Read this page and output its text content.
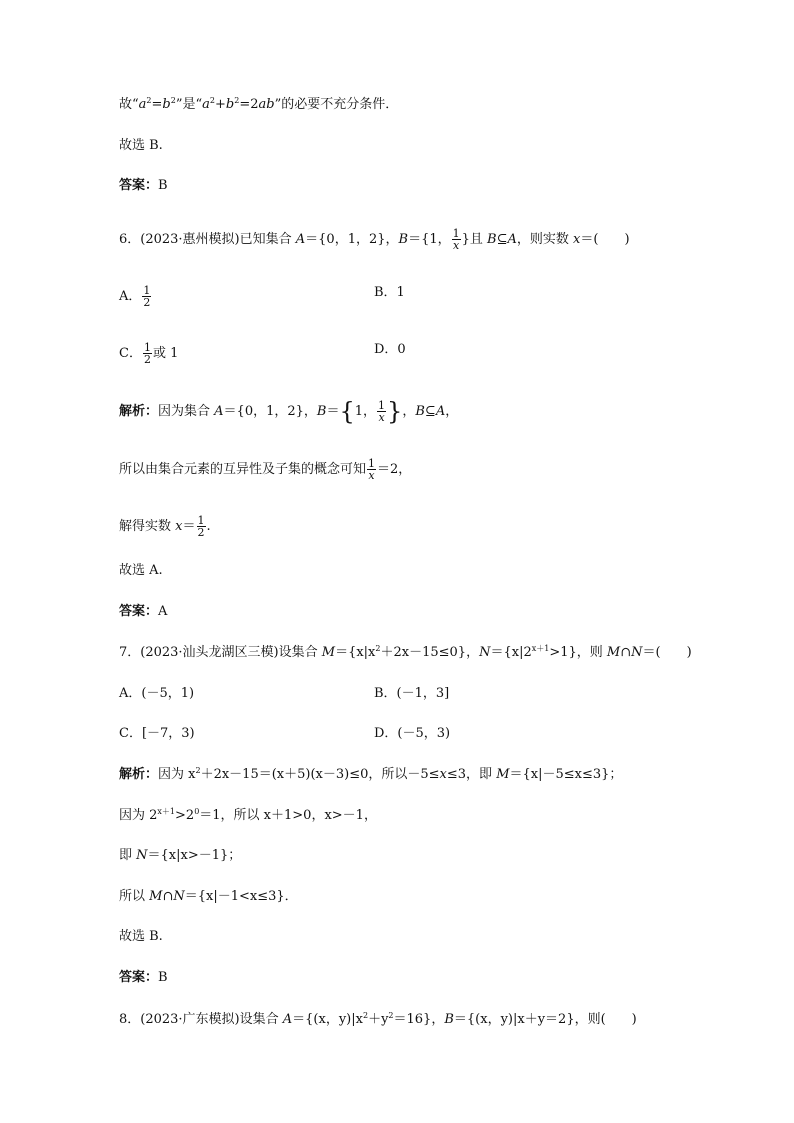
故“$a^2=b^2$”是“$a^2+b^2=2ab$”的必要不充分条件．
故选 B.
答案：B
6．(2023·惠州模拟)已知集合 A＝{0，1，2}，B＝{1， $\frac{1}{x}$ }且 B⊆A，则实数 x＝(　　)
A． $\frac{1}{2}$	B．1
C． $\frac{1}{2}$ 或 1	D．0
解析：因为集合 A＝{0，1，2}，B＝{1， $\frac{1}{x}$ }，B⊆A，
所以由集合元素的互异性及子集的概念可知 $\frac{1}{x} =2$，
解得实数 $x= \frac{1}{2}$ .
故选 A.
答案：A
7．(2023·汕头龙湖区三模)设集合 $M=\{x|x^2+2x-15\le 0\}$，$N=\{x|2^{x+1}>1\}$，则 M∩N＝(　　)
A．(－5，1)	B．(－1，3]
C．[－7，3)	D．(－5，3)
解析：因为 $x^2+2x-15=(x+5)(x-3)\le 0$，所以－5≤x≤3，即 M＝{x|－5≤x≤3}；
因为 $2^{x+1}>2^0=1$，所以 x＋1>0，x>－1，
即 N＝{x|x>－1}；
所以 M∩N＝{x|－1<x≤3}．
故选 B.
答案：B
8．(2023·广东模拟)设集合 A＝{(x，$y)|x^2+y^2=16$}，B＝{(x，y)|x＋y＝2}，则(　　)
